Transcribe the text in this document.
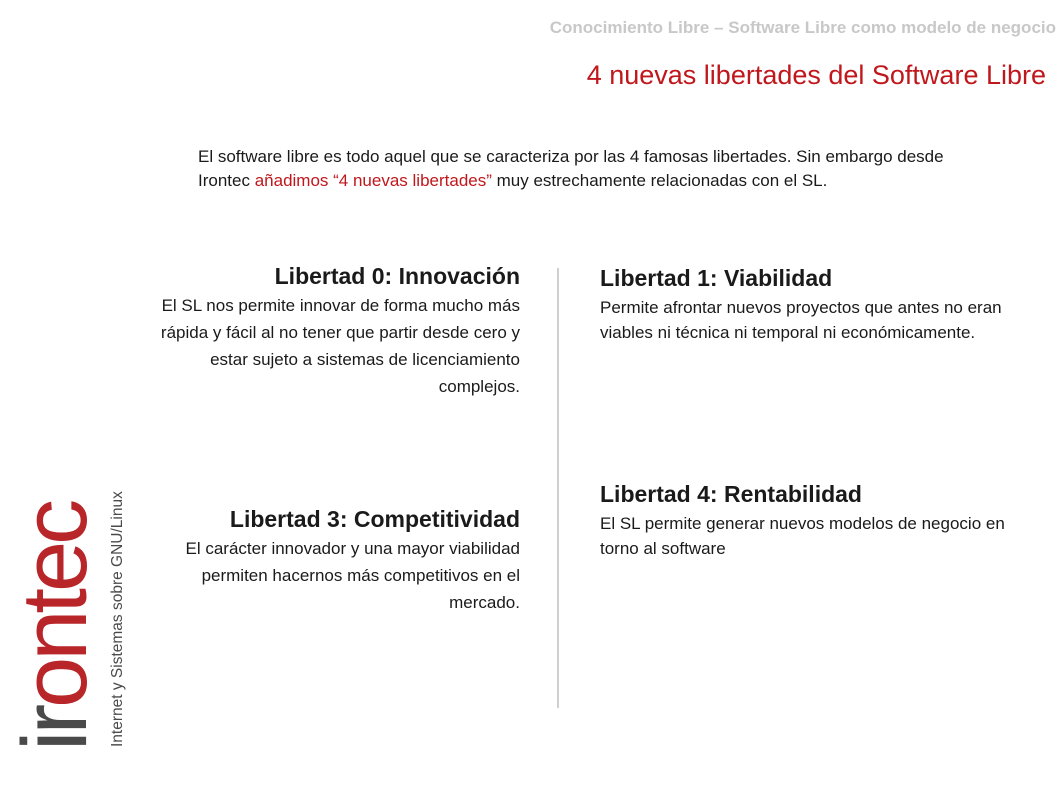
Conocimiento Libre – Software Libre como modelo de negocio
4 nuevas libertades del Software Libre
El software libre es todo aquel que se caracteriza por las 4 famosas libertades. Sin embargo desde Irontec añadimos “4 nuevas libertades” muy estrechamente relacionadas con el SL.
Libertad 0: Innovación

El SL nos permite innovar de forma mucho más rápida y fácil al no tener que partir desde cero y estar sujeto a sistemas de licenciamiento complejos.

Libertad 1: Viabilidad

Permite afrontar nuevos proyectos que antes no eran viables ni técnica ni temporal ni económicamente.

Libertad 3: Competitividad

El carácter innovador y una mayor viabilidad permiten hacernos más competitivos en el mercado.

Libertad 4: Rentabilidad

El SL permite generar nuevos modelos de negocio en torno al software

irontec Internet y Sistemas sobre GNU/Linux
